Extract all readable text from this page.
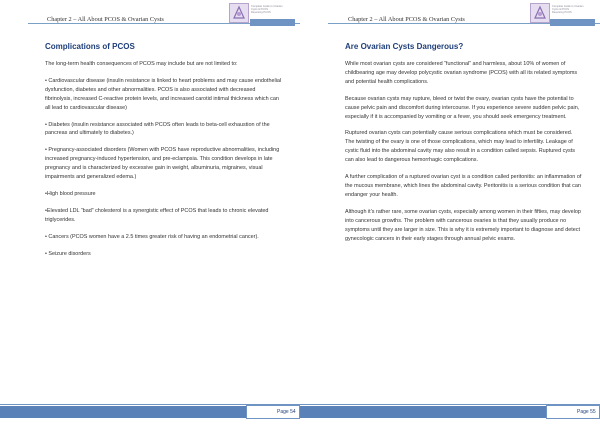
Chapter 2 – All About PCOS & Ovarian Cysts
Complete Guide to Ovarian
Cysts & PCOS
Reversing PCOS
54
Complications of PCOS

The long-term health consequences of PCOS may include but are not limited to:

• Cardiovascular disease (insulin resistance is linked to heart problems and may cause endothelial dysfunction, diabetes and other abnormalities. PCOS is also associated with decreased fibrinolysis, increased C-reactive protein levels, and increased carotid intimal thickness which can all lead to cardiovascular disease)

• Diabetes (insulin resistance associated with PCOS often leads to beta-cell exhaustion of the pancreas and ultimately to diabetes.)

• Pregnancy-associated disorders (Women with PCOS have reproductive abnormalities, including increased pregnancy-induced hypertension, and pre-eclampsia. This condition develops in late pregnancy and is characterized by excessive gain in weight, albuminuria, migraines, visual impairments and generalized edema.)

•High blood pressure

•Elevated LDL “bad” cholesterol is a synergistic effect of PCOS that leads to chronic elevated triglycerides.

• Cancers (PCOS women have a 2.5 times greater risk of having an endometrial cancer).

• Seizure disorders

Page 54
Chapter 2 – All About PCOS & Ovarian Cysts
Complete Guide to Ovarian
Cysts & PCOS
Reversing PCOS
55
Are Ovarian Cysts Dangerous?

While most ovarian cysts are considered “functional” and harmless, about 10% of women of childbearing age may develop polycystic ovarian syndrome (PCOS) with all its related symptoms and potential health complications.

Because ovarian cysts may rupture, bleed or twist the ovary, ovarian cysts have the potential to cause pelvic pain and discomfort during intercourse. If you experience severe sudden pelvic pain, especially if it is accompanied by vomiting or a fever, you should seek emergency treatment.

Ruptured ovarian cysts can potentially cause serious complications which must be considered. The twisting of the ovary is one of those complications, which may lead to infertility. Leakage of cystic fluid into the abdominal cavity may also result in a condition called sepsis. Ruptured cysts can also lead to dangerous hemorrhagic complications.

A further complication of a ruptured ovarian cyst is a condition called peritonitis: an inflammation of the mucous membrane, which lines the abdominal cavity. Peritonitis is a serious condition that can endanger your health.

Although it's rather rare, some ovarian cysts, especially among women in their fifties, may develop into cancerous growths. The problem with cancerous ovaries is that they usually produce no symptoms until they are larger in size. This is why it is extremely important to diagnose and detect gynecologic cancers in their early stages through annual pelvic exams.

Page 55
